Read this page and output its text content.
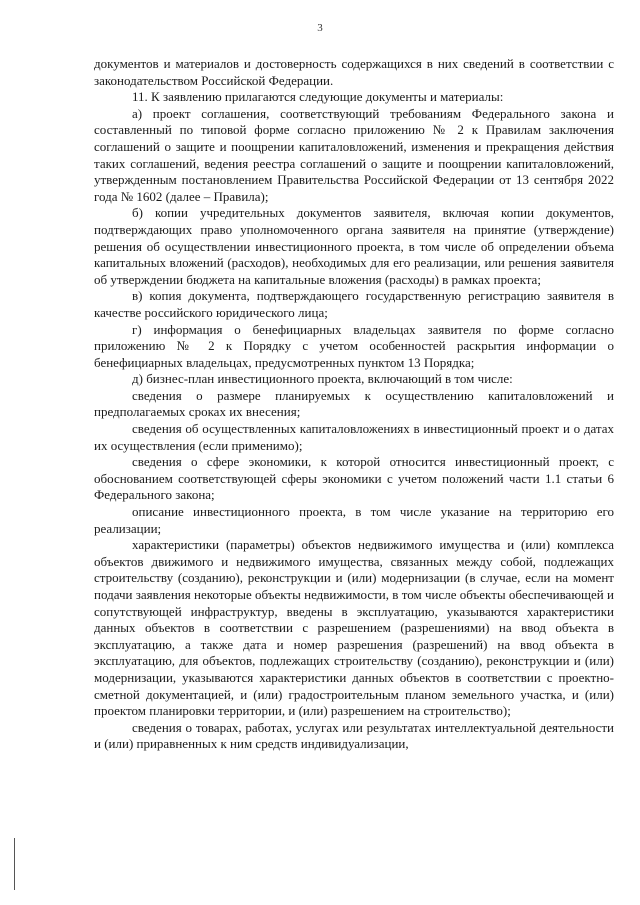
3

документов и материалов и достоверность содержащихся в них сведений в соответствии с законодательством Российской Федерации.

11. К заявлению прилагаются следующие документы и материалы:

а) проект соглашения, соответствующий требованиям Федерального закона и составленный по типовой форме согласно приложению № 2 к Правилам заключения соглашений о защите и поощрении капиталовложений, изменения и прекращения действия таких соглашений, ведения реестра соглашений о защите и поощрении капиталовложений, утвержденным постановлением Правительства Российской Федерации от 13 сентября 2022 года № 1602 (далее – Правила);

б) копии учредительных документов заявителя, включая копии документов, подтверждающих право уполномоченного органа заявителя на принятие (утверждение) решения об осуществлении инвестиционного проекта, в том числе об определении объема капитальных вложений (расходов), необходимых для его реализации, или решения заявителя об утверждении бюджета на капитальные вложения (расходы) в рамках проекта;

в) копия документа, подтверждающего государственную регистрацию заявителя в качестве российского юридического лица;

г) информация о бенефициарных владельцах заявителя по форме согласно приложению № 2 к Порядку с учетом особенностей раскрытия информации о бенефициарных владельцах, предусмотренных пунктом 13 Порядка;

д) бизнес-план инвестиционного проекта, включающий в том числе:

сведения о размере планируемых к осуществлению капиталовложений и предполагаемых сроках их внесения;

сведения об осуществленных капиталовложениях в инвестиционный проект и о датах их осуществления (если применимо);

сведения о сфере экономики, к которой относится инвестиционный проект, с обоснованием соответствующей сферы экономики с учетом положений части 1.1 статьи 6 Федерального закона;

описание инвестиционного проекта, в том числе указание на территорию его реализации;

характеристики (параметры) объектов недвижимого имущества и (или) комплекса объектов движимого и недвижимого имущества, связанных между собой, подлежащих строительству (созданию), реконструкции и (или) модернизации (в случае, если на момент подачи заявления некоторые объекты недвижимости, в том числе объекты обеспечивающей и сопутствующей инфраструктур, введены в эксплуатацию, указываются характеристики данных объектов в соответствии с разрешением (разрешениями) на ввод объекта в эксплуатацию, а также дата и номер разрешения (разрешений) на ввод объекта в эксплуатацию, для объектов, подлежащих строительству (созданию), реконструкции и (или) модернизации, указываются характеристики данных объектов в соответствии с проектно-сметной документацией, и (или) градостроительным планом земельного участка, и (или) проектом планировки территории, и (или) разрешением на строительство);

сведения о товарах, работах, услугах или результатах интеллектуальной деятельности и (или) приравненных к ним средств индивидуализации,
